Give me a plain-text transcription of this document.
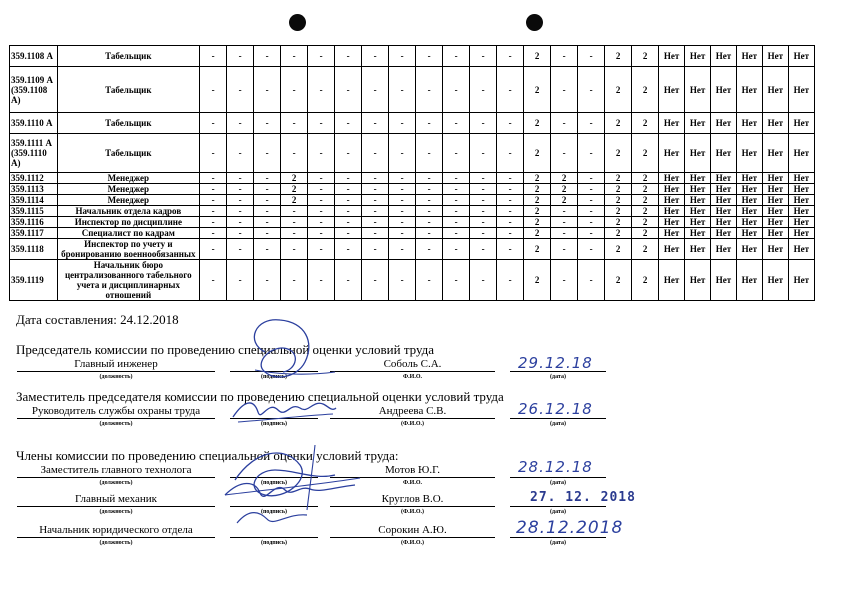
359.1108 А	Табельщик	-	-	-	-	-	-	-	-	-	-	-	-	2	-	-	2	2	Нет	Нет	Нет	Нет	Нет	Нет
359.1109 А (359.1108 А)	Табельщик	-	-	-	-	-	-	-	-	-	-	-	-	2	-	-	2	2	Нет	Нет	Нет	Нет	Нет	Нет
359.1110 А	Табельщик	-	-	-	-	-	-	-	-	-	-	-	-	2	-	-	2	2	Нет	Нет	Нет	Нет	Нет	Нет
359.1111 А (359.1110 А)	Табельщик	-	-	-	-	-	-	-	-	-	-	-	-	2	-	-	2	2	Нет	Нет	Нет	Нет	Нет	Нет
359.1112	Менеджер	-	-	-	2	-	-	-	-	-	-	-	-	2	2	-	2	2	Нет	Нет	Нет	Нет	Нет	Нет
359.1113	Менеджер	-	-	-	2	-	-	-	-	-	-	-	-	2	2	-	2	2	Нет	Нет	Нет	Нет	Нет	Нет
359.1114	Менеджер	-	-	-	2	-	-	-	-	-	-	-	-	2	2	-	2	2	Нет	Нет	Нет	Нет	Нет	Нет
359.1115	Начальник отдела кадров	-	-	-	-	-	-	-	-	-	-	-	-	2	-	-	2	2	Нет	Нет	Нет	Нет	Нет	Нет
359.1116	Инспектор по дисциплине	-	-	-	-	-	-	-	-	-	-	-	-	2	-	-	2	2	Нет	Нет	Нет	Нет	Нет	Нет
359.1117	Специалист по кадрам	-	-	-	-	-	-	-	-	-	-	-	-	2	-	-	2	2	Нет	Нет	Нет	Нет	Нет	Нет
359.1118	Инспектор по учету и бронированию военнообязанных	-	-	-	-	-	-	-	-	-	-	-	-	2	-	-	2	2	Нет	Нет	Нет	Нет	Нет	Нет
359.1119	Начальник бюро централизованного табельного учета и дисциплинарных отношений	-	-	-	-	-	-	-	-	-	-	-	-	2	-	-	2	2	Нет	Нет	Нет	Нет	Нет	Нет
Дата составления: 24.12.2018
Председатель комиссии по проведению специальной оценки условий труда
Главный инженер
(должность)	(подпись)
Соболь С.А.
Ф.И.О.	(дата)
29.12.18
Заместитель председателя комиссии по проведению специальной оценки условий труда
Руководитель службы охраны труда
(должность)	(подпись)
Андреева С.В.
(Ф.И.О.)	(дата)
26.12.18
Члены комиссии по проведению специальной оценки условий труда:
Заместитель главного технолога
(должность)	(подпись)
Мотов Ю.Г.
Ф.И.О.	(дата)
28.12.18
Главный механик
(должность)	(подпись)
Круглов В.О.
(Ф.И.О.)	(дата)
27. 12. 2018
Начальник юридического отдела
(должность)	(подпись)
Сорокин А.Ю.
(Ф.И.О.)	(дата)
28.12.2018
